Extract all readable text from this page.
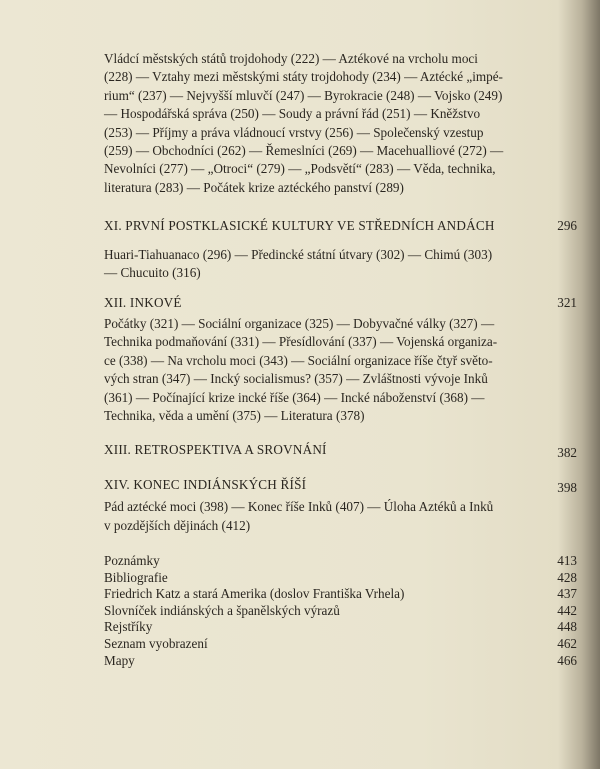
Vládcí městských států trojdohody (222) — Aztékové na vrcholu moci
(228) — Vztahy mezi městskými státy trojdohody (234) — Aztécké „impé-
rium“ (237) — Nejvyšší mluvčí (247) — Byrokracie (248) — Vojsko (249)
— Hospodářská správa (250) — Soudy a právní řád (251) — Kněžstvo
(253) — Příjmy a práva vládnoucí vrstvy (256) — Společenský vzestup
(259) — Obchodníci (262) — Řemeslníci (269) — Macehualliové (272) —
Nevolníci (277) — „Otroci“ (279) — „Podsvětí“ (283) — Věda, technika,
literatura (283) — Počátek krize aztéckého panství (289)
XI. PRVNÍ POSTKLASICKÉ KULTURY VE STŘEDNÍCH ANDÁCH	296
Huari-Tiahuanaco (296) — Předincké státní útvary (302) — Chimú (303)
— Chucuito (316)
XII. INKOVÉ	321
Počátky (321) — Sociální organizace (325) — Dobyvačné války (327) —
Technika podmaňování (331) — Přesídlování (337) — Vojenská organiza-
ce (338) — Na vrcholu moci (343) — Sociální organizace říše čtyř světo-
vých stran (347) — Incký socialismus? (357) — Zvláštnosti vývoje Inků
(361) — Počínající krize incké říše (364) — Incké náboženství (368) —
Technika, věda a umění (375) — Literatura (378)
XIII. RETROSPEKTIVA A SROVNÁNÍ	382
XIV. KONEC INDIÁNSKÝCH ŘÍŠÍ	398
Pád aztécké moci (398) — Konec říše Inků (407) — Úloha Aztéků a Inků
v pozdějších dějinách (412)
Poznámky	413
Bibliografie	428
Friedrich Katz a stará Amerika (doslov Františka Vrhela)	437
Slovníček indiánských a španělských výrazů	442
Rejstříky	448
Seznam vyobrazení	462
Mapy	466
